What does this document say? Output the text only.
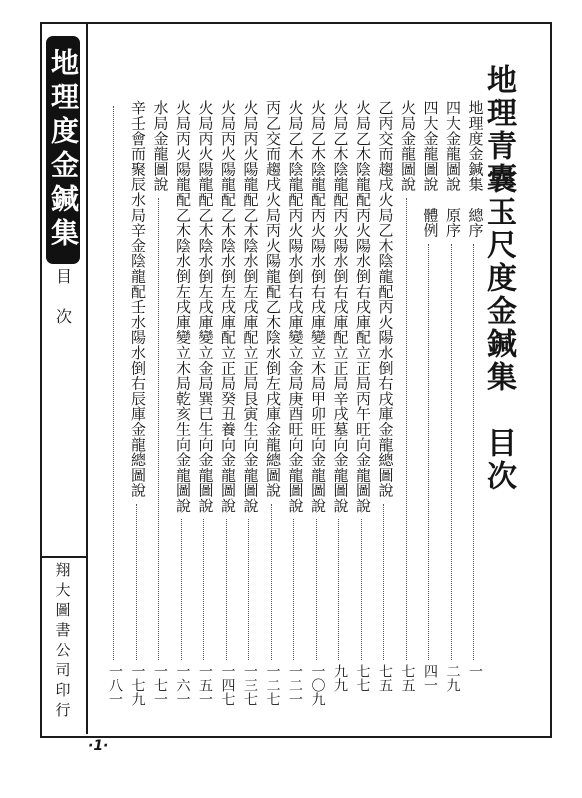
地理度金鍼集
目次
翔大圖書公司印行
地理青囊玉尺度金鍼集　目次
地理度金鍼集　總序
一
四大金龍圖說　原序
二九
四大金龍圖說　體例
四一
火局金龍圖說
七五
乙丙交而趨戌火局乙木陰龍配丙火陽水倒右戌庫金龍總圖說
七五
火局乙木陰龍配丙火陽水倒右戌庫配立正局丙午旺向金龍圖說
七七
火局乙木陰龍配丙火陽水倒右戌庫配立正局辛戌墓向金龍圖說
九九
火局乙木陰龍配丙火陽水倒右戌庫變立木局甲卯旺向金龍圖說
一〇九
火局乙木陰龍配丙火陽水倒右戌庫變立金局庚酉旺向金龍圖說
一二一
丙乙交而趨戌火局丙火陽龍配乙木陰水倒左戌庫金龍總圖說
一二七
火局丙火陽龍配乙木陰水倒左戌庫配立正局艮寅生向金龍圖說
一三七
火局丙火陽龍配乙木陰水倒左戌庫配立正局癸丑養向金龍圖說
一四七
火局丙火陽龍配乙木陰水倒左戌庫變立金局巽巳生向金龍圖說
一五一
火局丙火陽龍配乙木陰水倒左戌庫變立木局乾亥生向金龍圖說
一六一
水局金龍圖說
一七一
辛壬會而聚辰水局辛金陰龍配壬水陽水倒右辰庫金龍總圖說
一七九
一八一
·1·
